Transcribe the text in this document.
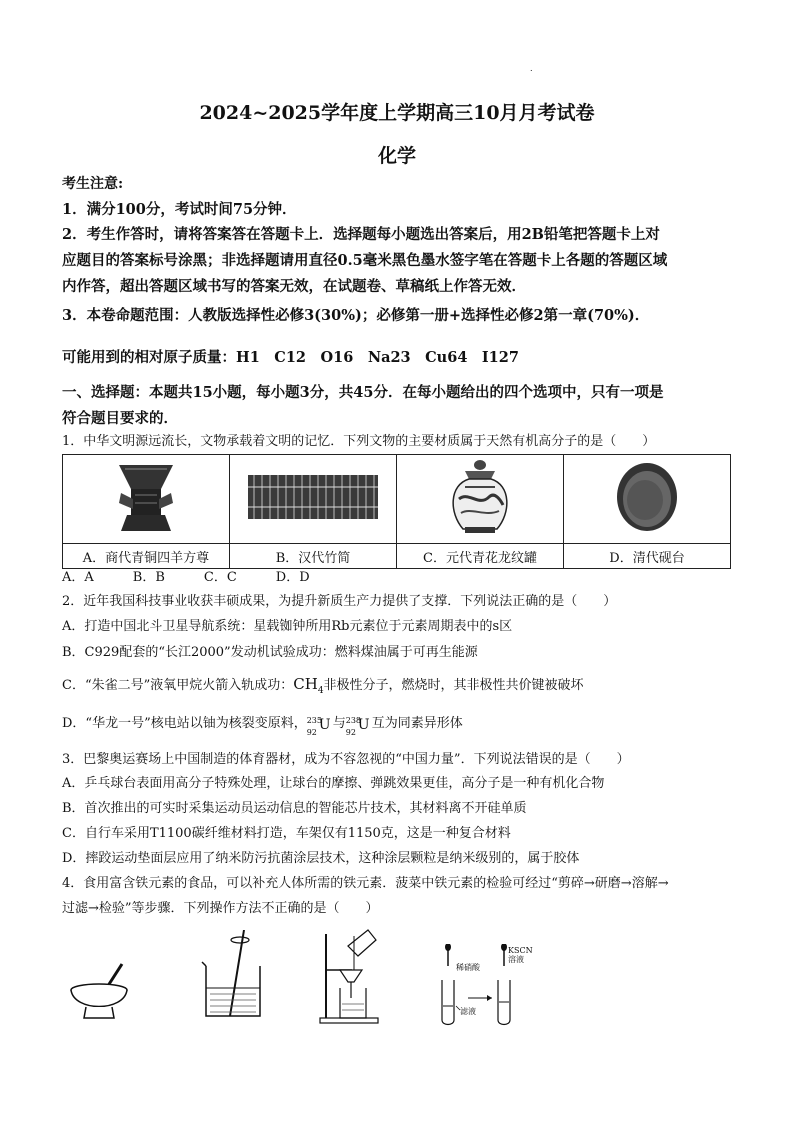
.
2024~2025学年度上学期高三10月月考试卷
化学
考生注意:
1．满分100分，考试时间75分钟．
2．考生作答时，请将答案答在答题卡上．选择题每小题选出答案后，用2B铅笔把答题卡上对
应题目的答案标号涂黑；非选择题请用直径0.5毫米黑色墨水签字笔在答题卡上各题的答题区域
内作答，超出答题区域书写的答案无效，在试题卷、草稿纸上作答无效．
3．本卷命题范围：人教版选择性必修3(30%)；必修第一册+选择性必修2第一章(70%)．
可能用到的相对原子质量：H1　C12　O16　Na23　Cu64　I127
一、选择题：本题共15小题，每小题3分，共45分．在每小题给出的四个选项中，只有一项是
符合题目要求的．
1．中华文明源远流长，文物承载着文明的记忆．下列文物的主要材质属于天然有机高分子的是（　　）

A．商代青铜四羊方尊	B．汉代竹简	C．元代青花龙纹罐	D．清代砚台
A．A　　　B．B　　　C．C　　　D．D
2．近年我国科技事业收获丰硕成果，为提升新质生产力提供了支撑．下列说法正确的是（　　）
A．打造中国北斗卫星导航系统：星载铷钟所用Rb元素位于元素周期表中的s区
B．C929配套的“长江2000”发动机试验成功：燃料煤油属于可再生能源
C．“朱雀二号”液氧甲烷火箭入轨成功：$CH_4$非极性分子，燃烧时，其非极性共价键被破坏
D．“华龙一号”核电站以铀为核裂变原料， 235
92 U 与 238
92 U 互为同素异形体
3．巴黎奥运赛场上中国制造的体育器材，成为不容忽视的“中国力量”．下列说法错误的是（　　）
A．乒乓球台表面用高分子特殊处理，让球台的摩擦、弹跳效果更佳，高分子是一种有机化合物
B．首次推出的可实时采集运动员运动信息的智能芯片技术，其材料离不开硅单质
C．自行车采用T1100碳纤维材料打造，车架仅有1150克，这是一种复合材料
D．摔跤运动垫面层应用了纳米防污抗菌涂层技术，这种涂层颗粒是纳米级别的，属于胶体
4．食用富含铁元素的食品，可以补充人体所需的铁元素．菠菜中铁元素的检验可经过“剪碎→研磨→溶解→
过滤→检验”等步骤．下列操作方法不正确的是（　　）
稀硝酸
KSCN
溶液
滤液
